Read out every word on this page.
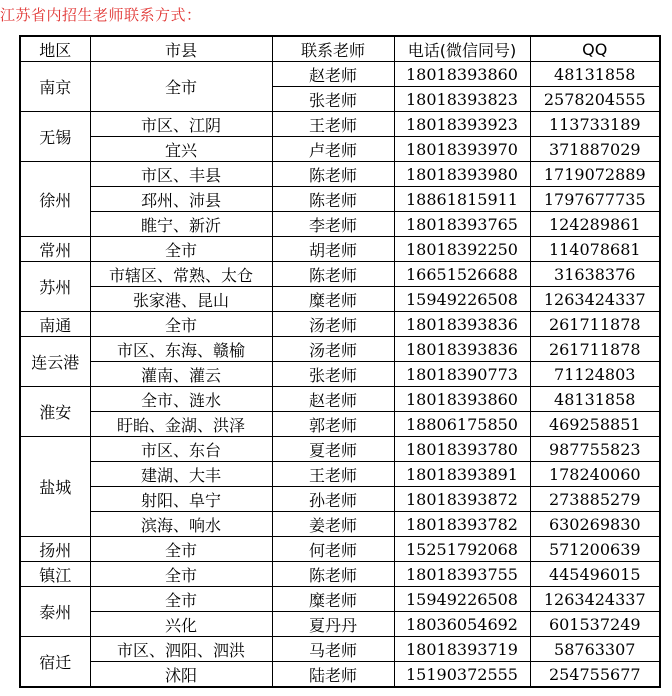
江苏省内招生老师联系方式：
地区	市县	联系老师	电话(微信同号)	QQ
南京	全市	赵老师	18018393860	48131858
		张老师	18018393823	2578204555
无锡	市区、江阴	王老师	18018393923	113733189
	宜兴	卢老师	18018393970	371887029
徐州	市区、丰县	陈老师	18018393980	1719072889
	邳州、沛县	陈老师	18861815911	1797677735
	睢宁、新沂	李老师	18018393765	124289861
常州	全市	胡老师	18018392250	114078681
苏州	市辖区、常熟、太仓	陈老师	16651526688	31638376
	张家港、昆山	糜老师	15949226508	1263424337
南通	全市	汤老师	18018393836	261711878
连云港	市区、东海、赣榆	汤老师	18018393836	261711878
	灌南、灌云	张老师	18018390773	71124803
淮安	全市、涟水	赵老师	18018393860	48131858
	盱眙、金湖、洪泽	郭老师	18806175850	469258851
盐城	市区、东台	夏老师	18018393780	987755823
	建湖、大丰	王老师	18018393891	178240060
	射阳、阜宁	孙老师	18018393872	273885279
	滨海、响水	姜老师	18018393782	630269830
扬州	全市	何老师	15251792068	571200639
镇江	全市	陈老师	18018393755	445496015
泰州	全市	糜老师	15949226508	1263424337
	兴化	夏丹丹	18036054692	601537249
宿迁	市区、泗阳、泗洪	马老师	18018393719	58763307
	沭阳	陆老师	15190372555	254755677
